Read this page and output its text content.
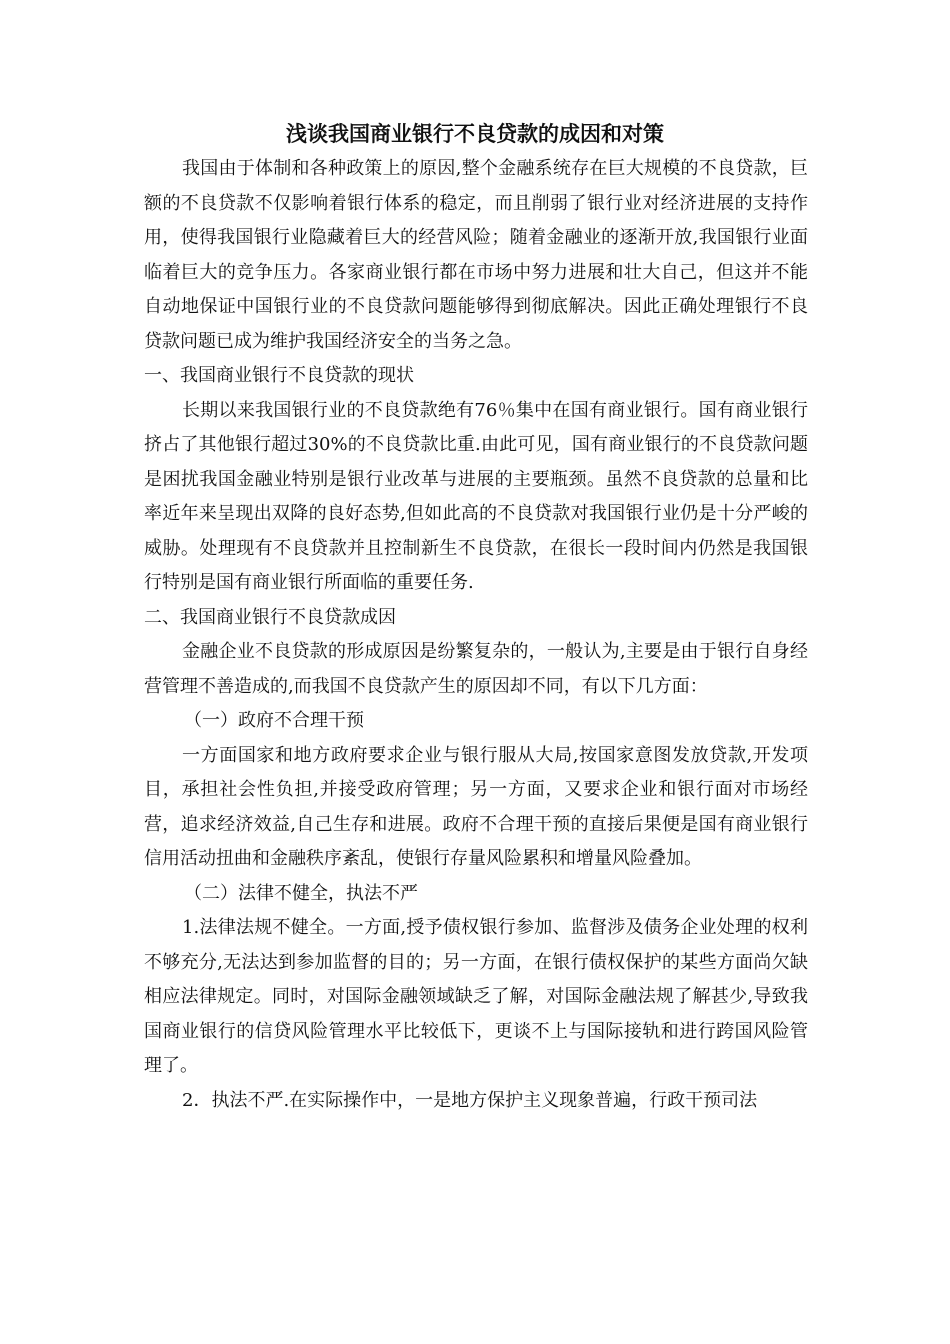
浅谈我国商业银行不良贷款的成因和对策

我国由于体制和各种政策上的原因,整个金融系统存在巨大规模的不良贷款，巨额的不良贷款不仅影响着银行体系的稳定，而且削弱了银行业对经济进展的支持作用，使得我国银行业隐藏着巨大的经营风险；随着金融业的逐渐开放,我国银行业面临着巨大的竞争压力。各家商业银行都在市场中努力进展和壮大自己，但这并不能自动地保证中国银行业的不良贷款问题能够得到彻底解决。因此正确处理银行不良贷款问题已成为维护我国经济安全的当务之急。

一、我国商业银行不良贷款的现状

长期以来我国银行业的不良贷款绝有76％集中在国有商业银行。国有商业银行挤占了其他银行超过30%的不良贷款比重.由此可见，国有商业银行的不良贷款问题是困扰我国金融业特别是银行业改革与进展的主要瓶颈。虽然不良贷款的总量和比率近年来呈现出双降的良好态势,但如此高的不良贷款对我国银行业仍是十分严峻的威胁。处理现有不良贷款并且控制新生不良贷款，在很长一段时间内仍然是我国银行特别是国有商业银行所面临的重要任务.

二、我国商业银行不良贷款成因

金融企业不良贷款的形成原因是纷繁复杂的，一般认为,主要是由于银行自身经营管理不善造成的,而我国不良贷款产生的原因却不同，有以下几方面：

（一）政府不合理干预

一方面国家和地方政府要求企业与银行服从大局,按国家意图发放贷款,开发项目，承担社会性负担,并接受政府管理；另一方面，又要求企业和银行面对市场经营，追求经济效益,自己生存和进展。政府不合理干预的直接后果便是国有商业银行信用活动扭曲和金融秩序紊乱，使银行存量风险累积和增量风险叠加。

（二）法律不健全，执法不严

1.法律法规不健全。一方面,授予债权银行参加、监督涉及债务企业处理的权利不够充分,无法达到参加监督的目的；另一方面，在银行债权保护的某些方面尚欠缺相应法律规定。同时，对国际金融领域缺乏了解，对国际金融法规了解甚少,导致我国商业银行的信贷风险管理水平比较低下，更谈不上与国际接轨和进行跨国风险管理了。

2．执法不严.在实际操作中，一是地方保护主义现象普遍，行政干预司法
